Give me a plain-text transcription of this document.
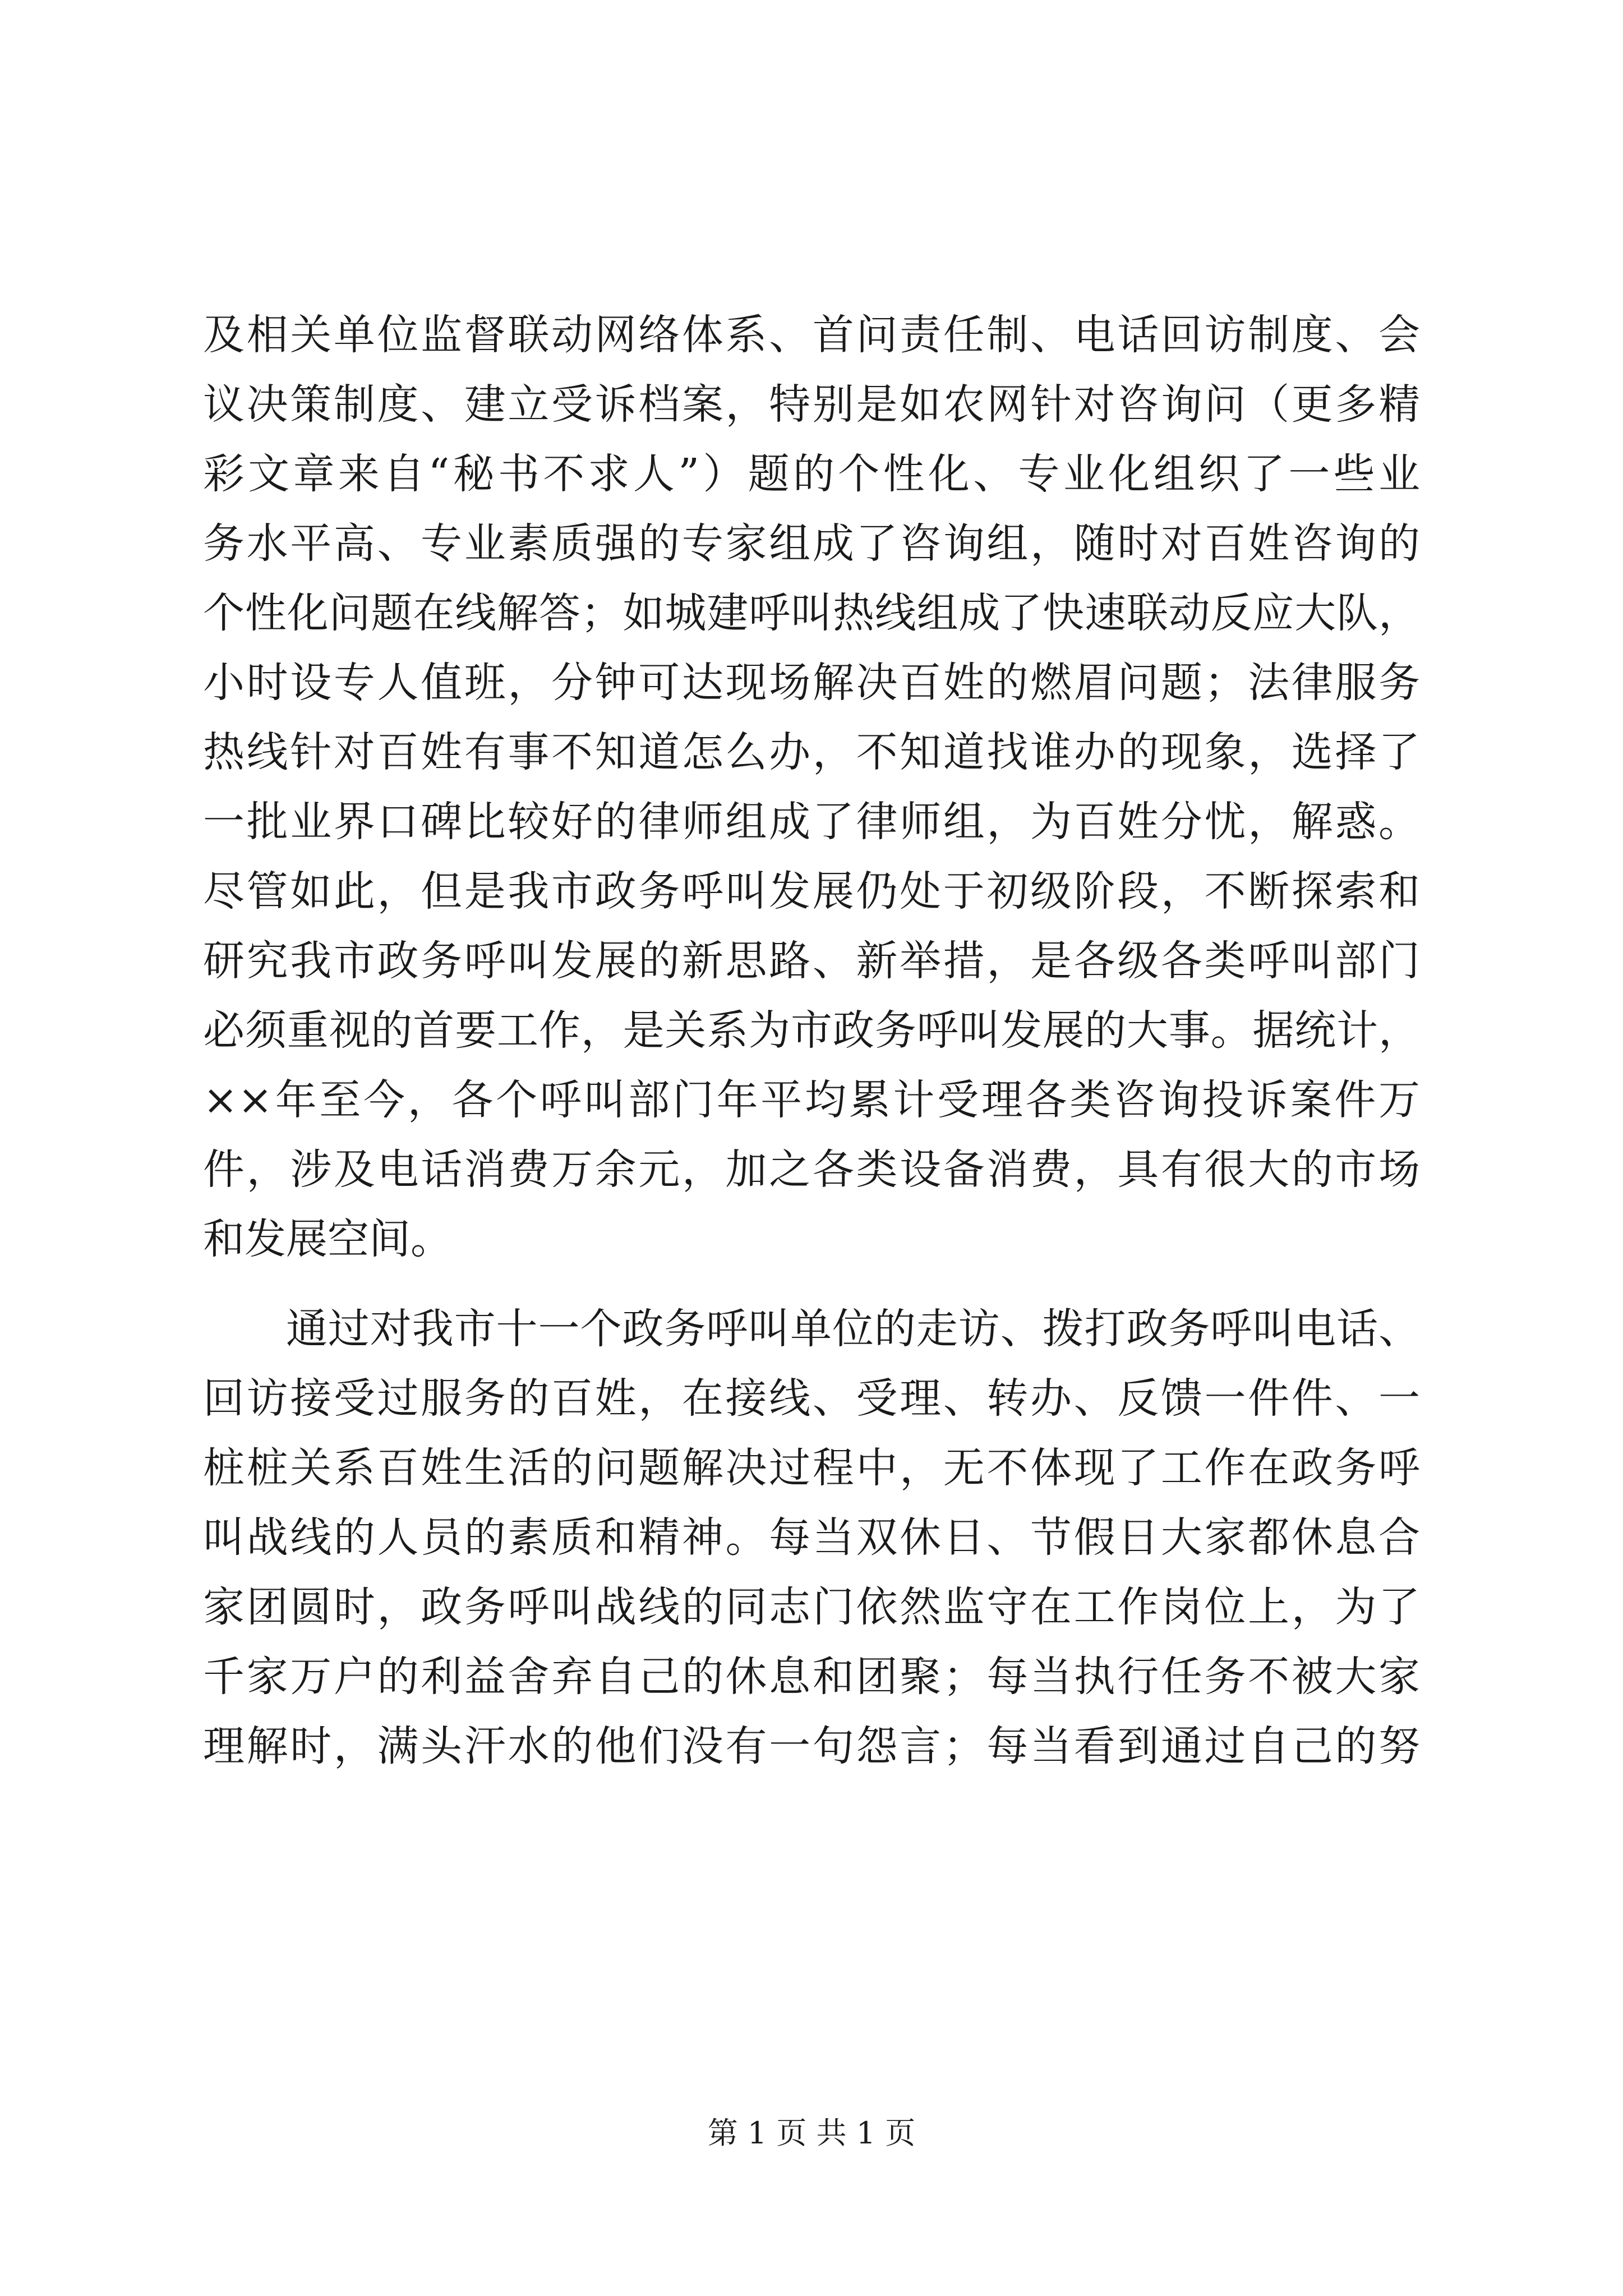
及相关单位监督联动网络体系、首问责任制、电话回访制度、会
议决策制度、建立受诉档案，特别是如农网针对咨询问（更多精
彩文章来自“秘书不求人”）题的个性化、专业化组织了一些业
务水平高、专业素质强的专家组成了咨询组，随时对百姓咨询的
个性化问题在线解答；如城建呼叫热线组成了快速联动反应大队，
小时设专人值班，分钟可达现场解决百姓的燃眉问题；法律服务
热线针对百姓有事不知道怎么办，不知道找谁办的现象，选择了
一批业界口碑比较好的律师组成了律师组，为百姓分忧，解惑。
尽管如此，但是我市政务呼叫发展仍处于初级阶段，不断探索和
研究我市政务呼叫发展的新思路、新举措，是各级各类呼叫部门
必须重视的首要工作，是关系为市政务呼叫发展的大事。据统计，
××年至今，各个呼叫部门年平均累计受理各类咨询投诉案件万
件，涉及电话消费万余元，加之各类设备消费，具有很大的市场
和发展空间。
通过对我市十一个政务呼叫单位的走访、拨打政务呼叫电话、
回访接受过服务的百姓，在接线、受理、转办、反馈一件件、一
桩桩关系百姓生活的问题解决过程中，无不体现了工作在政务呼
叫战线的人员的素质和精神。每当双休日、节假日大家都休息合
家团圆时，政务呼叫战线的同志门依然监守在工作岗位上，为了
千家万户的利益舍弃自己的休息和团聚；每当执行任务不被大家
理解时，满头汗水的他们没有一句怨言；每当看到通过自己的努
第 1 页 共 1 页
